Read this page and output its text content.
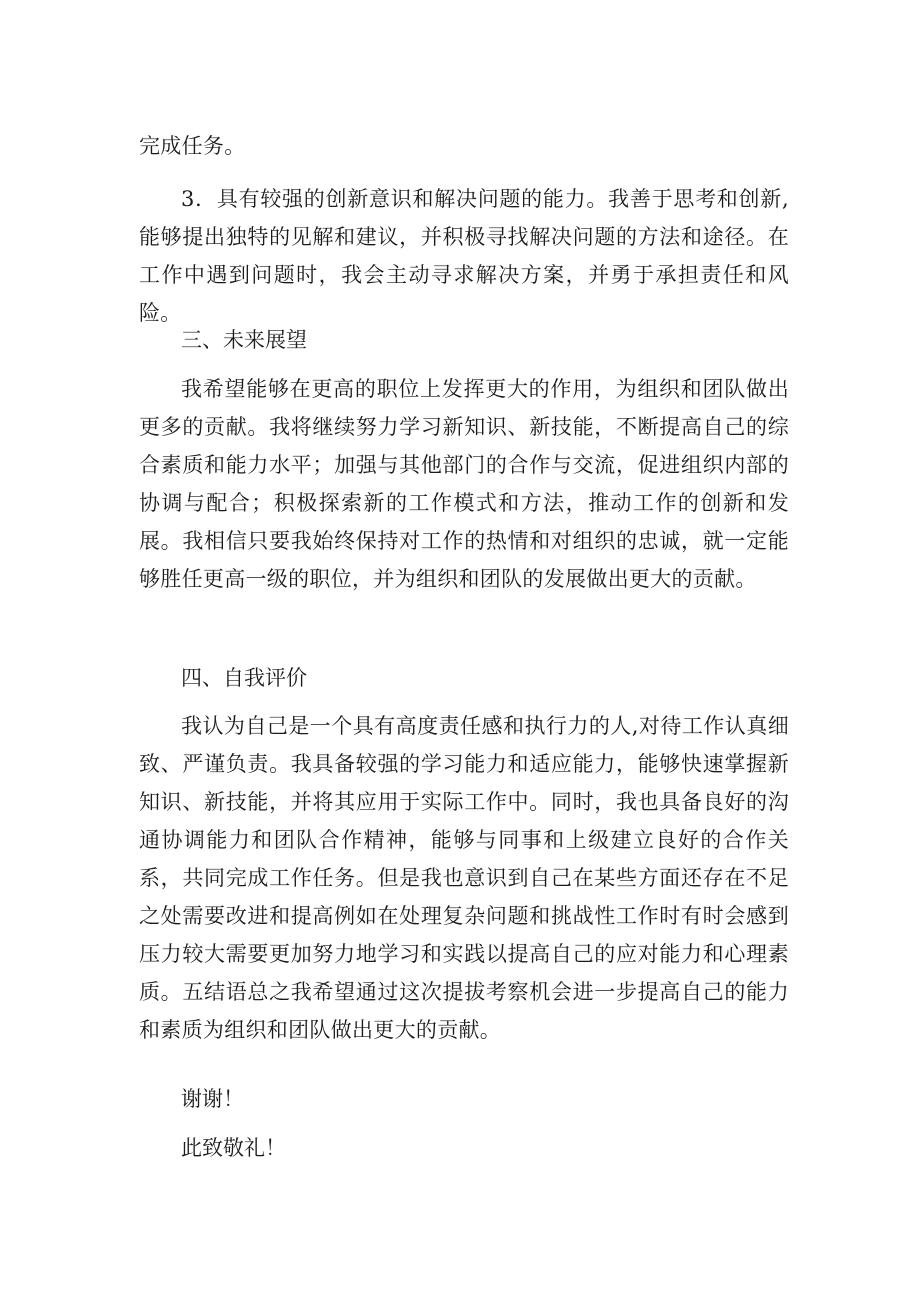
完成任务。

3．具有较强的创新意识和解决问题的能力。我善于思考和创新,能够提出独特的见解和建议，并积极寻找解决问题的方法和途径。在工作中遇到问题时，我会主动寻求解决方案，并勇于承担责任和风险。

三、未来展望

我希望能够在更高的职位上发挥更大的作用，为组织和团队做出更多的贡献。我将继续努力学习新知识、新技能，不断提高自己的综合素质和能力水平；加强与其他部门的合作与交流，促进组织内部的协调与配合；积极探索新的工作模式和方法，推动工作的创新和发展。我相信只要我始终保持对工作的热情和对组织的忠诚，就一定能够胜任更高一级的职位，并为组织和团队的发展做出更大的贡献。

四、自我评价

我认为自己是一个具有高度责任感和执行力的人,对待工作认真细致、严谨负责。我具备较强的学习能力和适应能力，能够快速掌握新知识、新技能，并将其应用于实际工作中。同时，我也具备良好的沟通协调能力和团队合作精神，能够与同事和上级建立良好的合作关系，共同完成工作任务。但是我也意识到自己在某些方面还存在不足之处需要改进和提高例如在处理复杂问题和挑战性工作时有时会感到压力较大需要更加努力地学习和实践以提高自己的应对能力和心理素质。五结语总之我希望通过这次提拔考察机会进一步提高自己的能力和素质为组织和团队做出更大的贡献。

谢谢！

此致敬礼！
